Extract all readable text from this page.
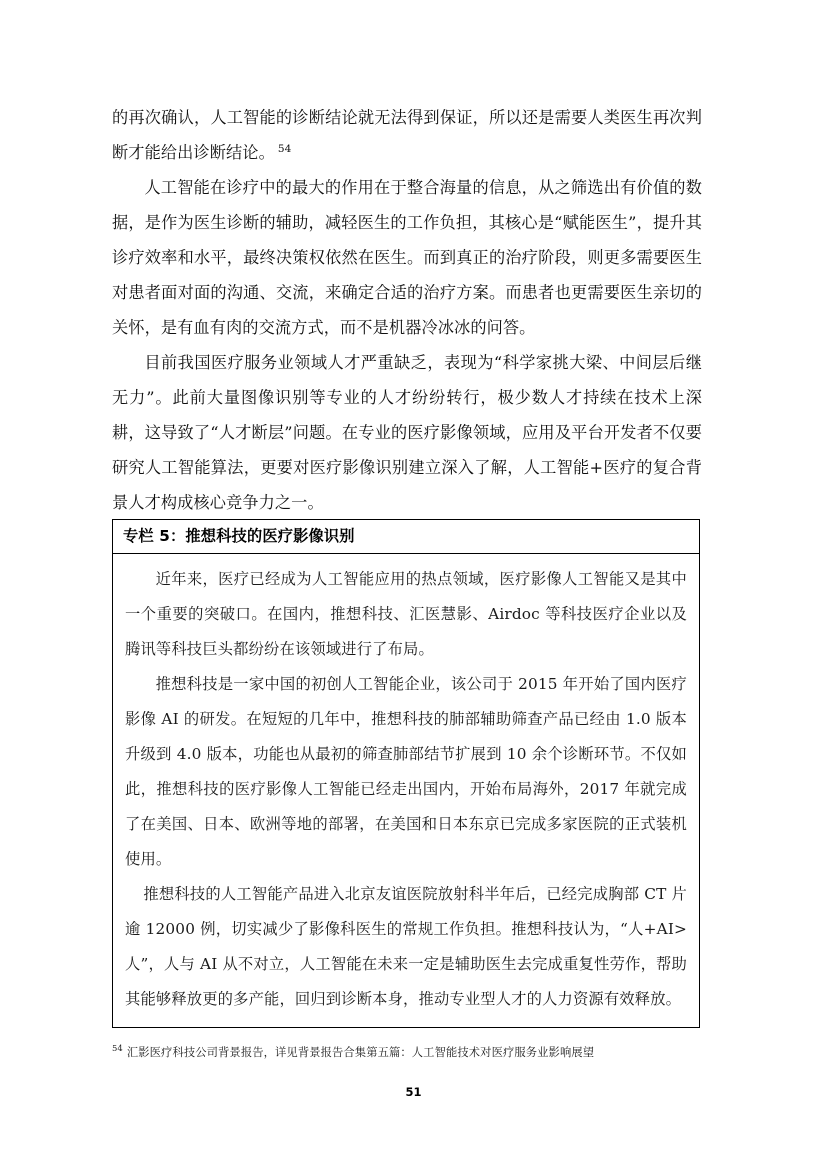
的再次确认，人工智能的诊断结论就无法得到保证，所以还是需要人类医生再次判断才能给出诊断结论。 $^{54}$

人工智能在诊疗中的最大的作用在于整合海量的信息，从之筛选出有价值的数据，是作为医生诊断的辅助，减轻医生的工作负担，其核心是“赋能医生”，提升其诊疗效率和水平，最终决策权依然在医生。而到真正的治疗阶段，则更多需要医生对患者面对面的沟通、交流，来确定合适的治疗方案。而患者也更需要医生亲切的关怀，是有血有肉的交流方式，而不是机器冷冰冰的问答。

目前我国医疗服务业领域人才严重缺乏，表现为“科学家挑大梁、中间层后继无力”。此前大量图像识别等专业的人才纷纷转行，极少数人才持续在技术上深耕，这导致了“人才断层”问题。在专业的医疗影像领域，应用及平台开发者不仅要研究人工智能算法，更要对医疗影像识别建立深入了解，人工智能+医疗的复合背景人才构成核心竞争力之一。

专栏 5：推想科技的医疗影像识别

近年来，医疗已经成为人工智能应用的热点领域，医疗影像人工智能又是其中一个重要的突破口。在国内，推想科技、汇医慧影、Airdoc 等科技医疗企业以及腾讯等科技巨头都纷纷在该领域进行了布局。

推想科技是一家中国的初创人工智能企业，该公司于 2015 年开始了国内医疗影像 AI 的研发。在短短的几年中，推想科技的肺部辅助筛查产品已经由 1.0 版本升级到 4.0 版本，功能也从最初的筛查肺部结节扩展到 10 余个诊断环节。不仅如此，推想科技的医疗影像人工智能已经走出国内，开始布局海外，2017 年就完成了在美国、日本、欧洲等地的部署，在美国和日本东京已完成多家医院的正式装机使用。

推想科技的人工智能产品进入北京友谊医院放射科半年后，已经完成胸部 CT 片逾 12000 例，切实减少了影像科医生的常规工作负担。推想科技认为，“人+AI>人”，人与 AI 从不对立，人工智能在未来一定是辅助医生去完成重复性劳作，帮助其能够释放更的多产能，回归到诊断本身，推动专业型人才的人力资源有效释放。

$^{54}$ 汇影医疗科技公司背景报告，详见背景报告合集第五篇：人工智能技术对医疗服务业影响展望
51
